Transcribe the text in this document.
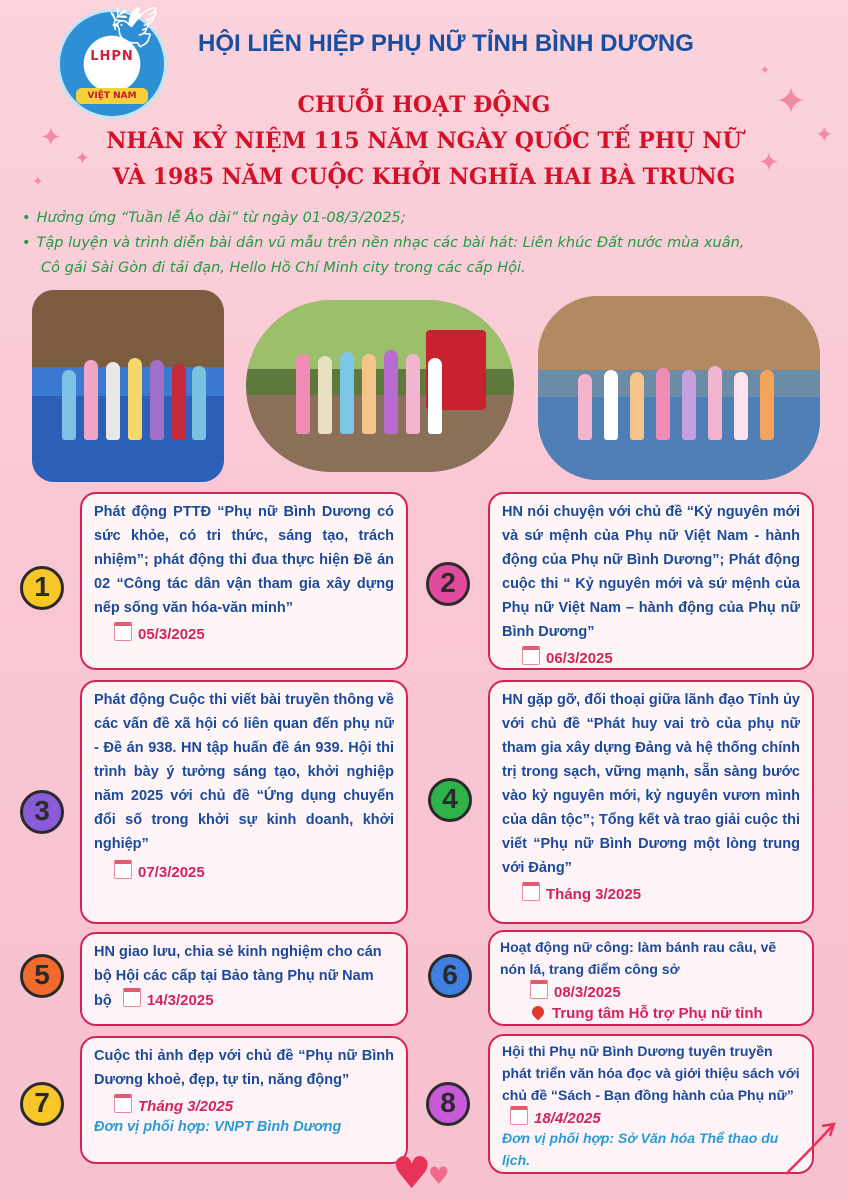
✦
✦
✦
✦
✦
✦
✦
🕊
LHPN
VIỆT NAM
HỘI LIÊN HIỆP PHỤ NỮ TỈNH BÌNH DƯƠNG
CHUỖI HOẠT ĐỘNG
NHÂN KỶ NIỆM 115 NĂM NGÀY QUỐC TẾ PHỤ NỮ
VÀ 1985 NĂM CUỘC KHỞI NGHĨA HAI BÀ TRƯNG
• Hưởng ứng “Tuần lễ Áo dài” từ ngày 01-08/3/2025;
• Tập luyện và trình diễn bài dân vũ mẫu trên nền nhạc các bài hát: Liên khúc Đất nước mùa xuân,
Cô gái Sài Gòn đi tải đạn, Hello Hồ Chí Minh city trong các cấp Hội.
1	2
3	4
5	6
7	8
Phát động PTTĐ “Phụ nữ Bình Dương có sức khỏe, có tri thức, sáng tạo, trách nhiệm”; phát động thi đua thực hiện Đề án 02 “Công tác dân vận tham gia xây dựng nếp sống văn hóa-văn minh”
05/3/2025
HN nói chuyện với chủ đề “Kỷ nguyên mới và sứ mệnh của Phụ nữ Việt Nam - hành động của Phụ nữ Bình Dương”; Phát động cuộc thi “ Kỷ nguyên mới và sứ mệnh của Phụ nữ Việt Nam – hành động của Phụ nữ Bình Dương”
06/3/2025
Phát động Cuộc thi viết bài truyền thông về các vấn đề xã hội có liên quan đến phụ nữ - Đề án 938. HN tập huấn đề án 939. Hội thi trình bày ý tưởng sáng tạo, khởi nghiệp năm 2025 với chủ đề “Ứng dụng chuyển đổi số trong khởi sự kinh doanh, khởi nghiệp”
07/3/2025
HN gặp gỡ, đối thoại giữa lãnh đạo Tỉnh ủy với chủ đề “Phát huy vai trò của phụ nữ tham gia xây dựng Đảng và hệ thống chính trị trong sạch, vững mạnh, sẵn sàng bước vào kỷ nguyên mới, kỷ nguyên vươn mình của dân tộc”; Tổng kết và trao giải cuộc thi viết “Phụ nữ Bình Dương một lòng trung với Đảng”
Tháng 3/2025
HN giao lưu, chia sẻ kinh nghiệm cho cán bộ Hội các cấp tại Bảo tàng Phụ nữ Nam bộ 14/3/2025
Hoạt động nữ công: làm bánh rau câu, vẽ nón lá, trang điểm công sở
08/3/2025
Trung tâm Hỗ trợ Phụ nữ tỉnh
Cuộc thi ảnh đẹp với chủ đề “Phụ nữ Bình Dương khoẻ, đẹp, tự tin, năng động”
Tháng 3/2025
Đơn vị phối hợp: VNPT Bình Dương
Hội thi Phụ nữ Bình Dương tuyên truyền phát triển văn hóa đọc và giới thiệu sách với chủ đề “Sách - Bạn đồng hành của Phụ nữ” 18/4/2025
Đơn vị phối hợp: Sở Văn hóa Thể thao du lịch.
♥
♥
